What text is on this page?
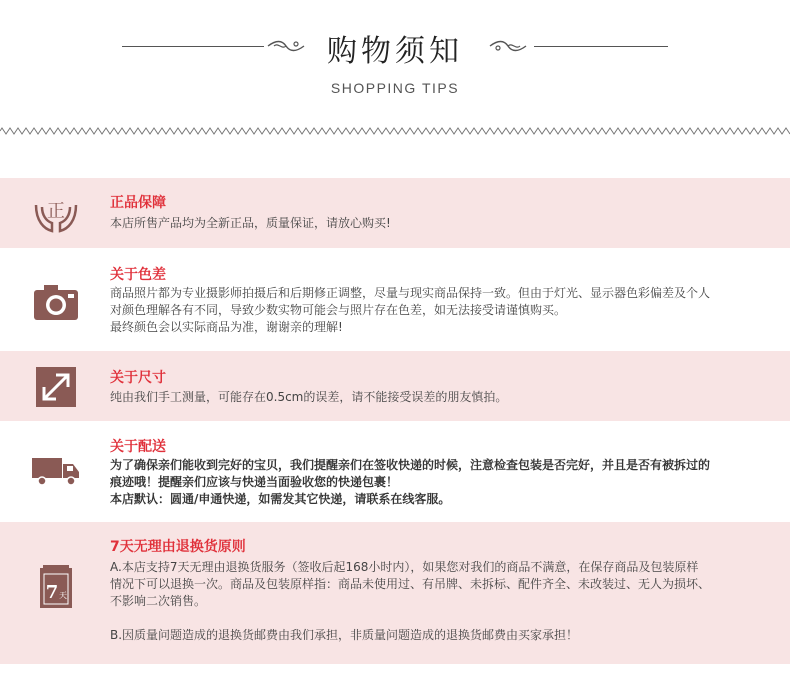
购物须知
SHOPPING TIPS
正	正品保障

本店所售产品均为全新正品，质量保证，请放心购买!

关于色差

商品照片都为专业摄影师拍摄后和后期修正调整，尽量与现实商品保持一致。但由于灯光、显示器色彩偏差及个人

对颜色理解各有不同，导致少数实物可能会与照片存在色差，如无法接受请谨慎购买。

最终颜色会以实际商品为准，谢谢亲的理解!

关于尺寸

纯由我们手工测量，可能存在0.5cm的误差，请不能接受误差的朋友慎拍。

关于配送

为了确保亲们能收到完好的宝贝，我们提醒亲们在签收快递的时候，注意检查包装是否完好，并且是否有被拆过的

痕迹哦！提醒亲们应该与快递当面验收您的快递包裹！

本店默认：圆通/申通快递，如需发其它快递，请联系在线客服。

7 天
7天无理由退换货原则

A.本店支持7天无理由退换货服务（签收后起168小时内），如果您对我们的商品不满意，在保存商品及包装原样

情况下可以退换一次。商品及包装原样指：商品未使用过、有吊牌、未拆标、配件齐全、未改装过、无人为损坏、

不影响二次销售。

B.因质量问题造成的退换货邮费由我们承担，非质量问题造成的退换货邮费由买家承担！
